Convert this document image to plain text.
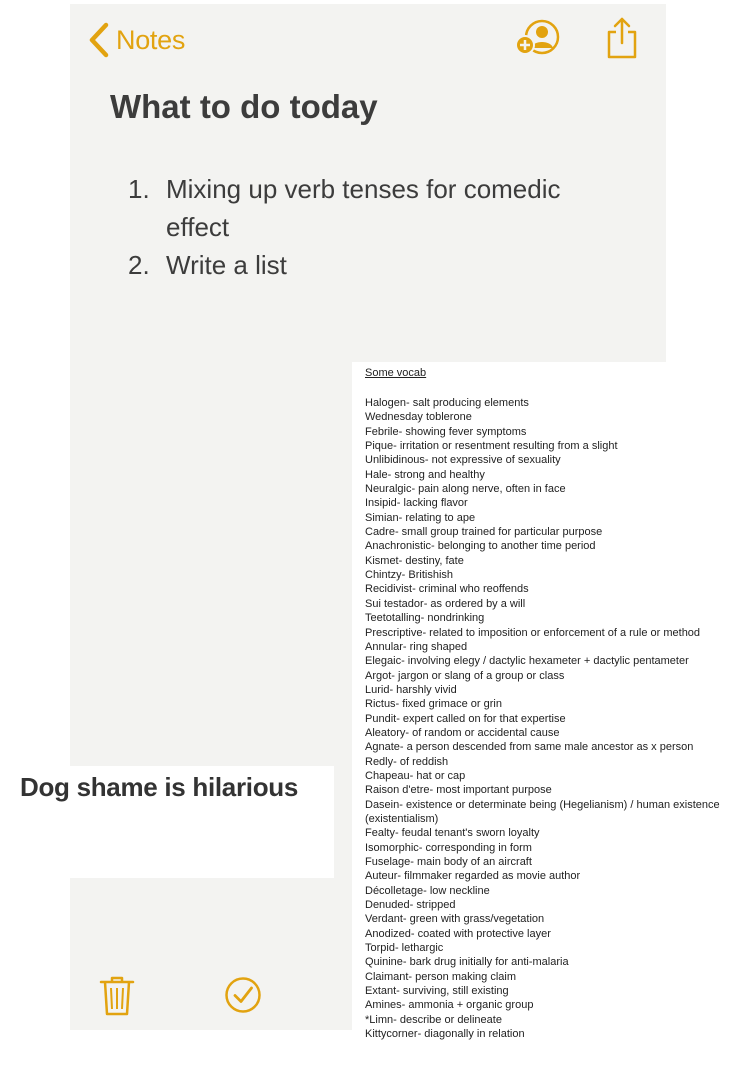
Notes
What to do today
1. Mixing up verb tenses for comedic effect
2. Write a list
Some vocab
Halogen- salt producing elements
Wednesday toblerone
Febrile- showing fever symptoms
Pique- irritation or resentment resulting from a slight
Unlibidinous- not expressive of sexuality
Hale- strong and healthy
Neuralgic- pain along nerve, often in face
Insipid- lacking flavor
Simian- relating to ape
Cadre- small group trained for particular purpose
Anachronistic- belonging to another time period
Kismet- destiny, fate
Chintzy- Britishish
Recidivist- criminal who reoffends
Sui testador- as ordered by a will
Teetotalling- nondrinking
Prescriptive- related to imposition or enforcement of a rule or method
Annular- ring shaped
Elegaic- involving elegy / dactylic hexameter + dactylic pentameter
Argot- jargon or slang of a group or class
Lurid- harshly vivid
Rictus- fixed grimace or grin
Pundit- expert called on for that expertise
Aleatory- of random or accidental cause
Agnate- a person descended from same male ancestor as x person
Redly- of reddish
Chapeau- hat or cap
Raison d'etre- most important purpose
Dasein- existence or determinate being (Hegelianism) / human existence
(existentialism)
Fealty- feudal tenant's sworn loyalty
Isomorphic- corresponding in form
Fuselage- main body of an aircraft
Auteur- filmmaker regarded as movie author
Décolletage- low neckline
Denuded- stripped
Verdant- green with grass/vegetation
Anodized- coated with protective layer
Torpid- lethargic
Quinine- bark drug initially for anti-malaria
Claimant- person making claim
Extant- surviving, still existing
Amines- ammonia + organic group
*Limn- describe or delineate
Kittycorner- diagonally in relation

Dog shame is hilarious
